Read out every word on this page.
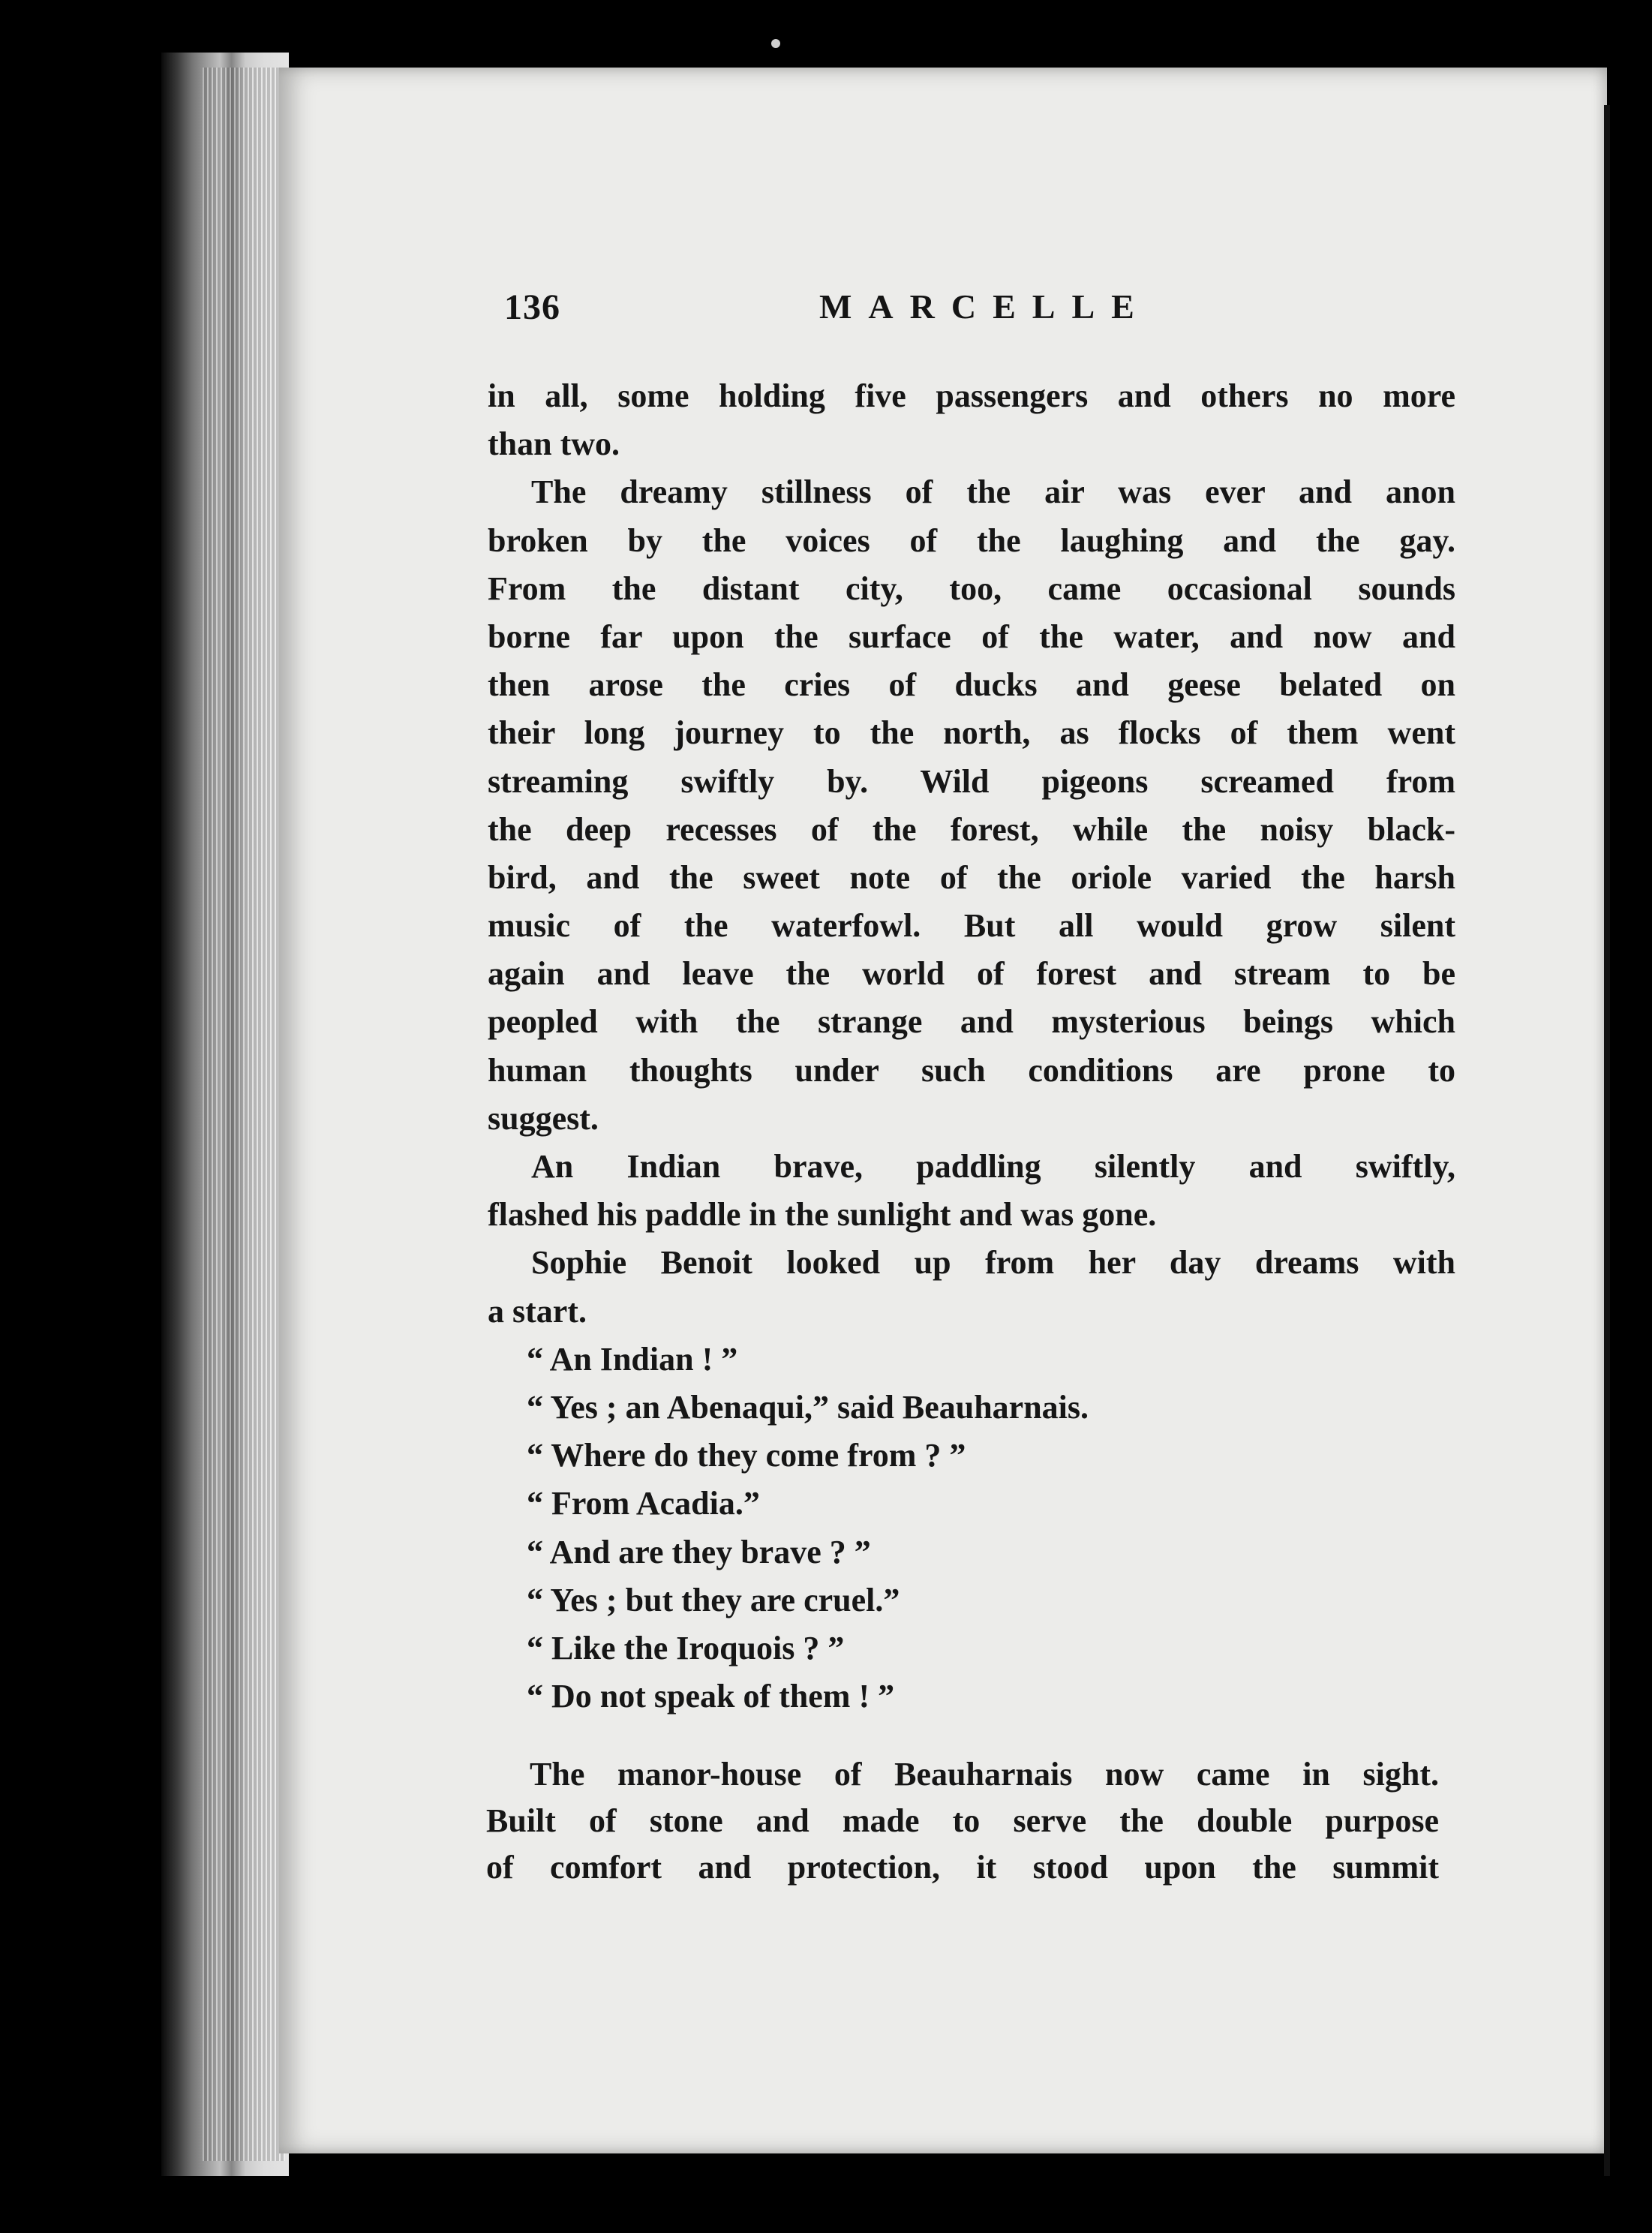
136	MARCELLE
in all, some holding five passengers and others no more
than two.
The dreamy stillness of the air was ever and anon
broken by the voices of the laughing and the gay.
From the distant city, too, came occasional sounds
borne far upon the surface of the water, and now and
then arose the cries of ducks and geese belated on
their long journey to the north, as flocks of them went
streaming swiftly by. Wild pigeons screamed from
the deep recesses of the forest, while the noisy black-
bird, and the sweet note of the oriole varied the harsh
music of the waterfowl. But all would grow silent
again and leave the world of forest and stream to be
peopled with the strange and mysterious beings which
human thoughts under such conditions are prone to
suggest.
An Indian brave, paddling silently and swiftly,
flashed his paddle in the sunlight and was gone.
Sophie Benoit looked up from her day dreams with
a start.
“ An Indian ! ”
“ Yes ; an Abenaqui,” said Beauharnais.
“ Where do they come from ? ”
“ From Acadia.”
“ And are they brave ? ”
“ Yes ; but they are cruel.”
“ Like the Iroquois ? ”
“ Do not speak of them ! ”
The manor-house of Beauharnais now came in sight.
Built of stone and made to serve the double purpose
of comfort and protection, it stood upon the summit
